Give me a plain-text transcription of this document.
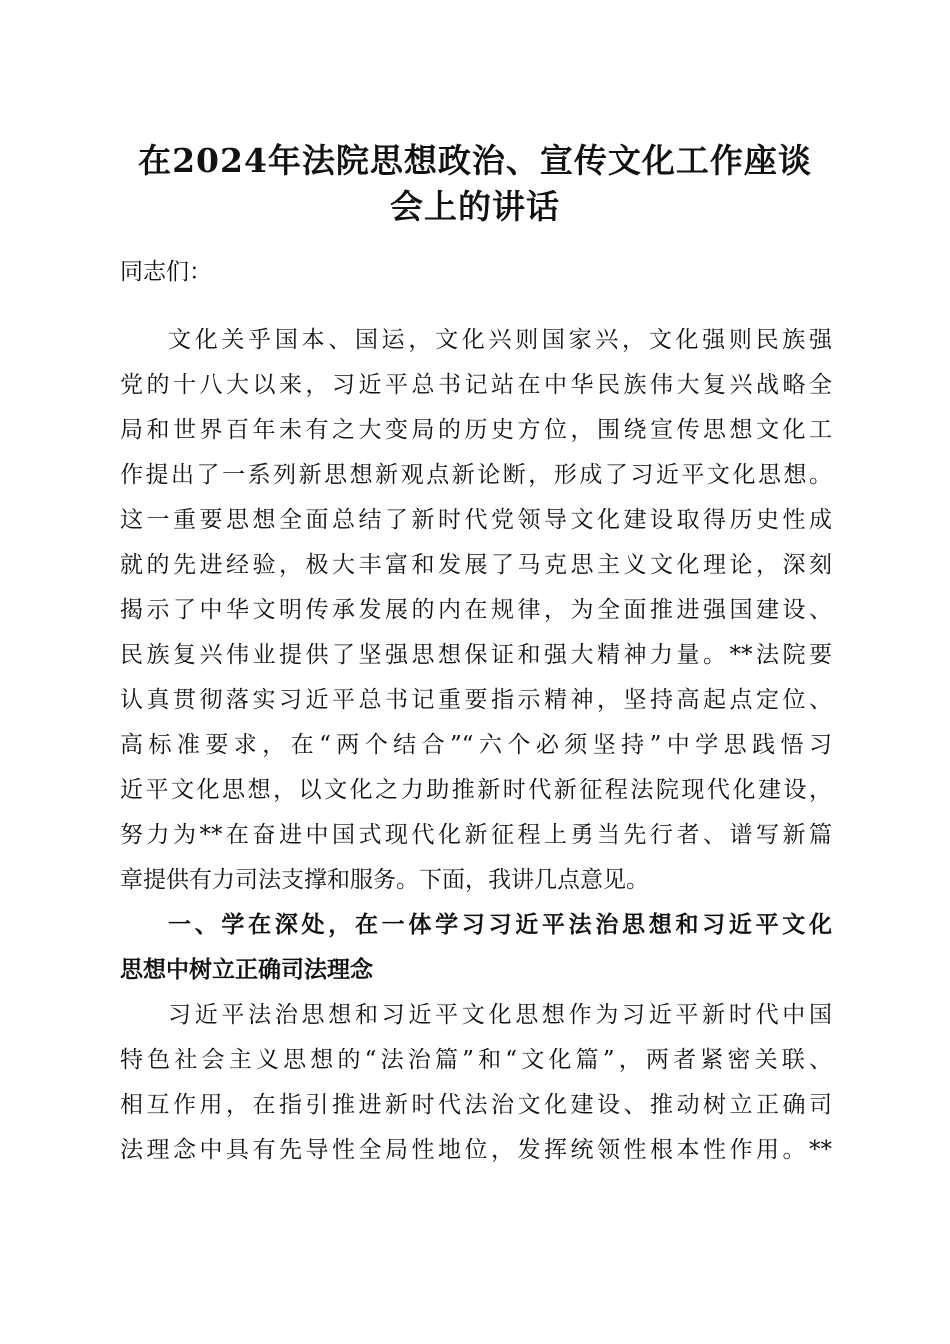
在2024年法院思想政治、宣传文化工作座谈
会上的讲话
同志们：
文化关乎国本、国运，文化兴则国家兴，文化强则民族强
党的十八大以来，习近平总书记站在中华民族伟大复兴战略全
局和世界百年未有之大变局的历史方位，围绕宣传思想文化工
作提出了一系列新思想新观点新论断，形成了习近平文化思想。
这一重要思想全面总结了新时代党领导文化建设取得历史性成
就的先进经验，极大丰富和发展了马克思主义文化理论，深刻
揭示了中华文明传承发展的内在规律，为全面推进强国建设、
民族复兴伟业提供了坚强思想保证和强大精神力量。**法院要
认真贯彻落实习近平总书记重要指示精神，坚持高起点定位、
高标准要求，在“两个结合”“六个必须坚持”中学思践悟习
近平文化思想，以文化之力助推新时代新征程法院现代化建设，
努力为**在奋进中国式现代化新征程上勇当先行者、谱写新篇
章提供有力司法支撑和服务。下面，我讲几点意见。
一、学在深处，在一体学习习近平法治思想和习近平文化
思想中树立正确司法理念
习近平法治思想和习近平文化思想作为习近平新时代中国
特色社会主义思想的“法治篇”和“文化篇”，两者紧密关联、
相互作用，在指引推进新时代法治文化建设、推动树立正确司
法理念中具有先导性全局性地位，发挥统领性根本性作用。**
